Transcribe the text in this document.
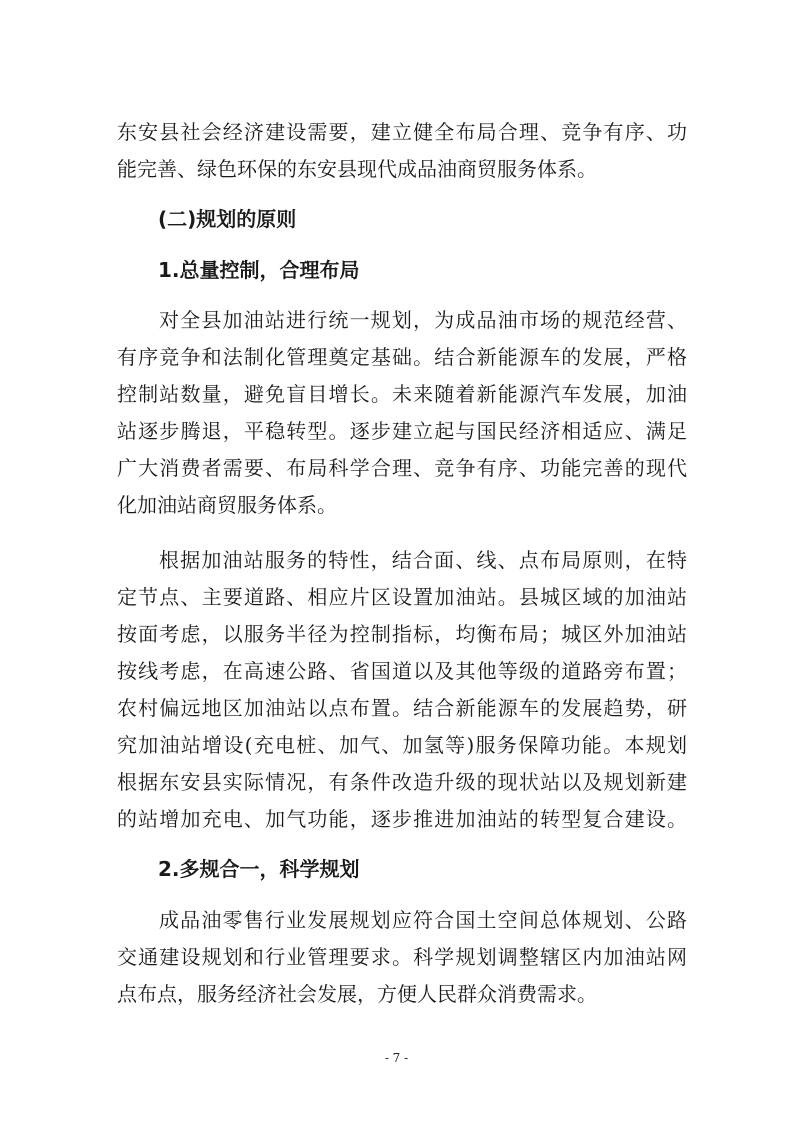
东安县社会经济建设需要，建立健全布局合理、竞争有序、功
能完善、绿色环保的东安县现代成品油商贸服务体系。
(二)规划的原则
1.总量控制，合理布局
对全县加油站进行统一规划，为成品油市场的规范经营、
有序竞争和法制化管理奠定基础。结合新能源车的发展，严格
控制站数量，避免盲目增长。未来随着新能源汽车发展，加油
站逐步腾退，平稳转型。逐步建立起与国民经济相适应、满足
广大消费者需要、布局科学合理、竞争有序、功能完善的现代
化加油站商贸服务体系。
根据加油站服务的特性，结合面、线、点布局原则，在特
定节点、主要道路、相应片区设置加油站。县城区域的加油站
按面考虑，以服务半径为控制指标，均衡布局；城区外加油站
按线考虑，在高速公路、省国道以及其他等级的道路旁布置；
农村偏远地区加油站以点布置。结合新能源车的发展趋势，研
究加油站增设(充电桩、加气、加氢等)服务保障功能。本规划
根据东安县实际情况，有条件改造升级的现状站以及规划新建
的站增加充电、加气功能，逐步推进加油站的转型复合建设。
2.多规合一，科学规划
成品油零售行业发展规划应符合国土空间总体规划、公路
交通建设规划和行业管理要求。科学规划调整辖区内加油站网
点布点，服务经济社会发展，方便人民群众消费需求。
- 7 -
